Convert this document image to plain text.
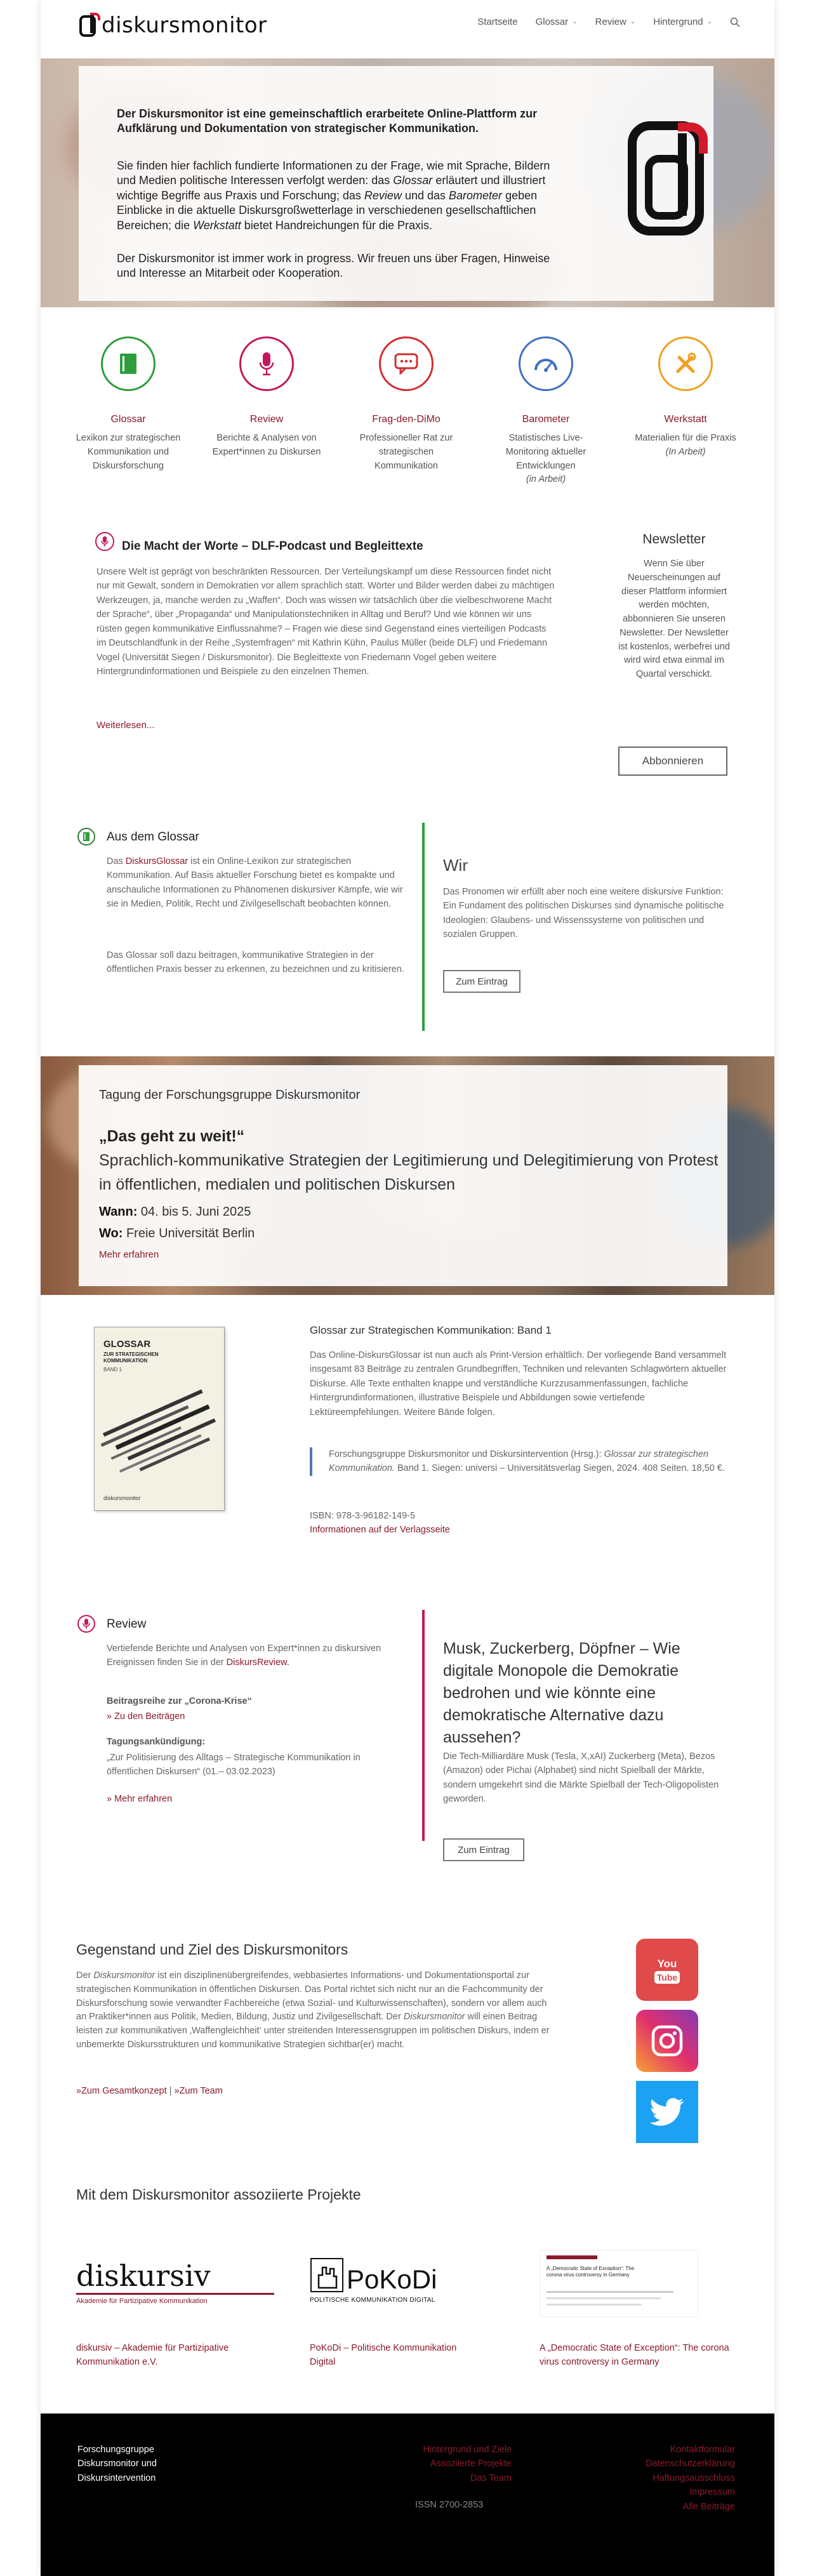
diskursmonitor	Startseite Glossar ⌄ Review ⌄ Hintergrund ⌄
Der Diskursmonitor ist eine gemeinschaftlich erarbeitete Online-Plattform zur Aufklärung und Dokumentation von strategischer Kommunikation.
Sie finden hier fachlich fundierte Informationen zu der Frage, wie mit Sprache, Bildern und Medien politische Interessen verfolgt werden: das Glossar erläutert und illustriert wichtige Begriffe aus Praxis und Forschung; das Review und das Barometer geben Einblicke in die aktuelle Diskursgroßwetterlage in verschiedenen gesellschaftlichen Bereichen; die Werkstatt bietet Handreichungen für die Praxis.
Der Diskursmonitor ist immer work in progress. Wir freuen uns über Fragen, Hinweise und Interesse an Mitarbeit oder Kooperation.
Glossar
Lexikon zur strategischen Kommunikation und Diskursforschung
Review
Berichte & Analysen von Expert*innen zu Diskursen
Frag-den-DiMo
Professioneller Rat zur strategischen Kommunikation
Barometer
Statistisches Live-Monitoring aktueller Entwicklungen
(in Arbeit)
Werkstatt
Materialien für die Praxis
(In Arbeit)
Die Macht der Worte – DLF-Podcast und Begleittexte
Unsere Welt ist geprägt von beschränkten Ressourcen. Der Verteilungskampf um diese Ressourcen findet nicht nur mit Gewalt, sondern in Demokratien vor allem sprachlich statt. Wörter und Bilder werden dabei zu mächtigen Werkzeugen, ja, manche werden zu „Waffen“. Doch was wissen wir tatsächlich über die vielbeschworene Macht der Sprache“, über „Propaganda“ und Manipulationstechniken in Alltag und Beruf? Und wie können wir uns rüsten gegen kommunikative Einflussnahme? – Fragen wie diese sind Gegenstand eines vierteiligen Podcasts im Deutschlandfunk in der Reihe „Systemfragen“ mit Kathrin Kühn, Paulus Müller (beide DLF) und Friedemann Vogel (Universität Siegen / Diskursmonitor). Die Begleittexte von Friedemann Vogel geben weitere Hintergrundinformationen und Beispiele zu den einzelnen Themen.
Weiterlesen...
Newsletter
Wenn Sie über Neuerscheinungen auf dieser Plattform informiert werden möchten, abbonnieren Sie unseren Newsletter. Der Newsletter ist kostenlos, werbefrei und wird wird etwa einmal im Quartal verschickt.
Abbonnieren
Aus dem Glossar
Das DiskursGlossar ist ein Online-Lexikon zur strategischen Kommunikation. Auf Basis aktueller Forschung bietet es kompakte und anschauliche Informationen zu Phänomenen diskursiver Kämpfe, wie wir sie in Medien, Politik, Recht und Zivilgesellschaft beobachten können.
Das Glossar soll dazu beitragen, kommunikative Strategien in der öffentlichen Praxis besser zu erkennen, zu bezeichnen und zu kritisieren.
Wir
Das Pronomen wir erfüllt aber noch eine weitere diskursive Funktion: Ein Fundament des politischen Diskurses sind dynamische politische Ideologien: Glaubens- und Wissenssysteme von politischen und sozialen Gruppen.
Zum Eintrag
Tagung der Forschungsgruppe Diskursmonitor
„Das geht zu weit!“
Sprachlich-kommunikative Strategien der Legitimierung und Delegitimierung von Protest in öffentlichen, medialen und politischen Diskursen
Wann: 04. bis 5. Juni 2025
Wo: Freie Universität Berlin
Mehr erfahren
GLOSSAR
ZUR STRATEGISCHEN KOMMUNIKATION
BAND 1
diskursmonitor
Glossar zur Strategischen Kommunikation: Band 1
Das Online-DiskursGlossar ist nun auch als Print-Version erhältlich. Der vorliegende Band versammelt insgesamt 83 Beiträge zu zentralen Grundbegriffen, Techniken und relevanten Schlagwörtern aktueller Diskurse. Alle Texte enthalten knappe und verständliche Kurzzusammenfassungen, fachliche Hintergrundinformationen, illustrative Beispiele und Abbildungen sowie vertiefende Lektüreempfehlungen. Weitere Bände folgen.
Forschungsgruppe Diskursmonitor und Diskursintervention (Hrsg.): Glossar zur strategischen Kommunikation. Band 1. Siegen: universi – Universitätsverlag Siegen, 2024. 408 Seiten. 18,50 €.
ISBN: 978-3-96182-149-5
Informationen auf der Verlagsseite
Review
Vertiefende Berichte und Analysen von Expert*innen zu diskursiven Ereignissen finden Sie in der DiskursReview.
Beitragsreihe zur „Corona-Krise“
» Zu den Beiträgen
Tagungsankündigung:
„Zur Politisierung des Alltags – Strategische Kommunikation in öffentlichen Diskursen“ (01.– 03.02.2023)
» Mehr erfahren
Musk, Zuckerberg, Döpfner – Wie digitale Monopole die Demokratie bedrohen und wie könnte eine demokratische Alternative dazu aussehen?
Die Tech-Milliardäre Musk (Tesla, X,xAI) Zuckerberg (Meta), Bezos (Amazon) oder Pichai (Alphabet) sind nicht Spielball der Märkte, sondern umgekehrt sind die Märkte Spielball der Tech-Oligopolisten geworden.
Zum Eintrag
Gegenstand und Ziel des Diskursmonitors
Der Diskursmonitor ist ein disziplinenübergreifendes, webbasiertes Informations- und Dokumentationsportal zur strategischen Kommunikation in öffentlichen Diskursen. Das Portal richtet sich nicht nur an die Fachcommunity der Diskursforschung sowie verwandter Fachbereiche (etwa Sozial- und Kulturwissenschaften), sondern vor allem auch an Praktiker*innen aus Politik, Medien, Bildung, Justiz und Zivilgesellschaft. Der Diskursmonitor will einen Beitrag leisten zur kommunikativen ‚Waffengleichheit‘ unter streitenden Interessensgruppen im politischen Diskurs, indem er unbemerkte Diskursstrukturen und kommunikative Strategien sichtbar(er) macht.
»Zum Gesamtkonzept | »Zum Team
You
Tube
Mit dem Diskursmonitor assoziierte Projekte
diskursiv
Akademie für Partizipative Kommunikation
diskursiv – Akademie für Partizipative Kommunikation e.V.
PoKoDi
POLITISCHE KOMMUNIKATION DIGITAL
PoKoDi – Politische Kommunikation Digital
A „Democratic State of Exception“: The corona virus controversy in Germany
A „Democratic State of Exception“: The corona virus controversy in Germany
Forschungsgruppe Diskursmonitor und Diskursintervention
Hintergrund und Ziele
Assoziierte Projekte
Das Team
ISSN 2700-2853
Kontaktformular
Datenschutzerklärung
Haftungsausschluss
Impressum
Alle Beiträge
